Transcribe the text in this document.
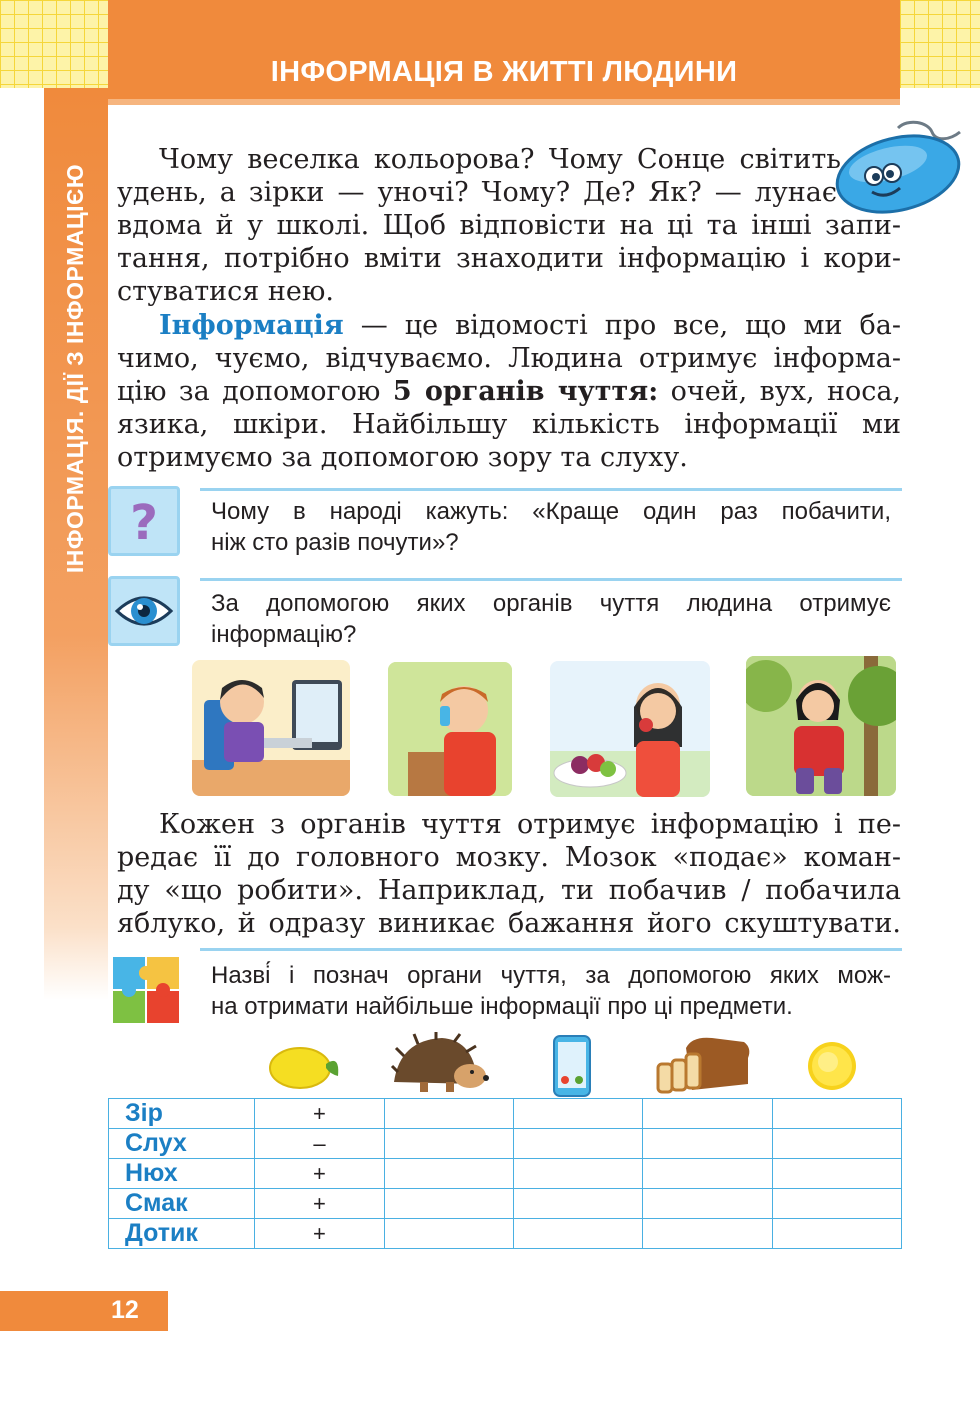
ІНФОРМАЦІЯ. ДІЇ З ІНФОРМАЦІЄЮ
ІНФОРМАЦІЯ В ЖИТТІ ЛЮДИНИ
Чому веселка кольорова? Чому Сонце світить
удень, а зірки — уночі? Чому? Де? Як? — лунає
вдома й у школі. Щоб відповісти на ці та інші запи-
тання, потрібно вміти знаходити інформацію і кори-
стуватися нею.
Інформація — це відомості про все, що ми ба-
чимо, чуємо, відчуваємо. Людина отримує інформа-
цію за допомогою 5 органів чуття: очей, вух, носа,
язика, шкіри. Найбільшу кількість інформації ми
отримуємо за допомогою зору та слуху.
? Чому в народі кажуть: «Краще один раз побачити,
ніж сто разів почути»?
За допомогою яких органів чуття людина отримує
інформацію?
Кожен з органів чуття отримує інформацію і пе-
редає її до головного мозку. Мозок «подає» коман-
ду «що робити». Наприклад, ти побачив / побачила
яблуко, й одразу виникає бажання його скуштувати.
Назві́ і познач органи чуття, за допомогою яких мож-
на отримати найбільше інформації про ці предмети.
Зір	+				
Слух	–				
Нюх	+				
Смак	+				
Дотик	+				
12
